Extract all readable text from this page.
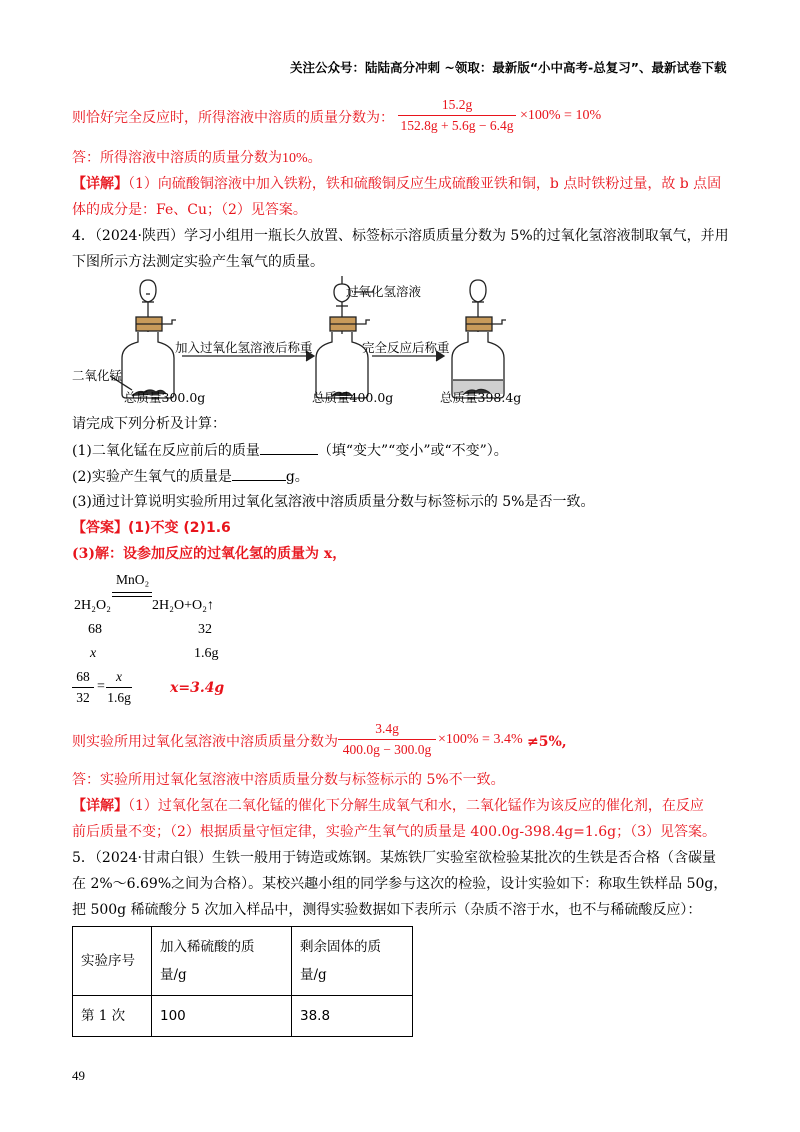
关注公众号：陆陆高分冲刺 ~领取：最新版“小中高考-总复习”、最新试卷下载
则恰好完全反应时，所得溶液中溶质的质量分数为：
15.2g
152.8g + 5.6g − 6.4g
×100% = 10%
答：所得溶液中溶质的质量分数为10%。
【详解】（1）向硫酸铜溶液中加入铁粉，铁和硫酸铜反应生成硫酸亚铁和铜，b 点时铁粉过量，故 b 点固
体的成分是：Fe、Cu；（2）见答案。
4．（2024·陕西）学习小组用一瓶长久放置、标签标示溶质质量分数为 5%的过氧化氢溶液制取氧气，并用
下图所示方法测定实验产生氧气的质量。
过氧化氢溶液
加入过氧化氢溶液后称重	完全反应后称重
二氧化锰
总质量300.0g	总质量400.0g	总质量398.4g
请完成下列分析及计算：
(1)二氧化锰在反应前后的质量	（填“变大”“变小”或“不变”）。
(2)实验产生氧气的质量是	g。
(3)通过计算说明实验所用过氧化氢溶液中溶质质量分数与标签标示的 5%是否一致。
【答案】(1)不变 (2)1.6
(3)解：设参加反应的过氧化氢的质量为 x，
MnO₂
2H₂O₂	2H₂O+O₂↑
68	32
x	1.6g
68
32
=
x
1.6g
x=3.4g
则实验所用过氧化氢溶液中溶质质量分数为
3.4g
400.0g − 300.0g
×100% = 3.4% ≠5%,
答：实验所用过氧化氢溶液中溶质质量分数与标签标示的 5%不一致。
【详解】（1）过氧化氢在二氧化锰的催化下分解生成氧气和水，二氧化锰作为该反应的催化剂，在反应
前后质量不变；（2）根据质量守恒定律，实验产生氧气的质量是 400.0g-398.4g=1.6g；（3）见答案。
5．（2024·甘肃白银）生铁一般用于铸造或炼钢。某炼铁厂实验室欲检验某批次的生铁是否合格（含碳量
在 2%～6.69%之间为合格）。某校兴趣小组的同学参与这次的检验，设计实验如下：称取生铁样品 50g，
把 500g 稀硫酸分 5 次加入样品中，测得实验数据如下表所示（杂质不溶于水，也不与稀硫酸反应）：
实验序号	加入稀硫酸的质量/g	剩余固体的质量/g

第 1 次	100	38.8
49
